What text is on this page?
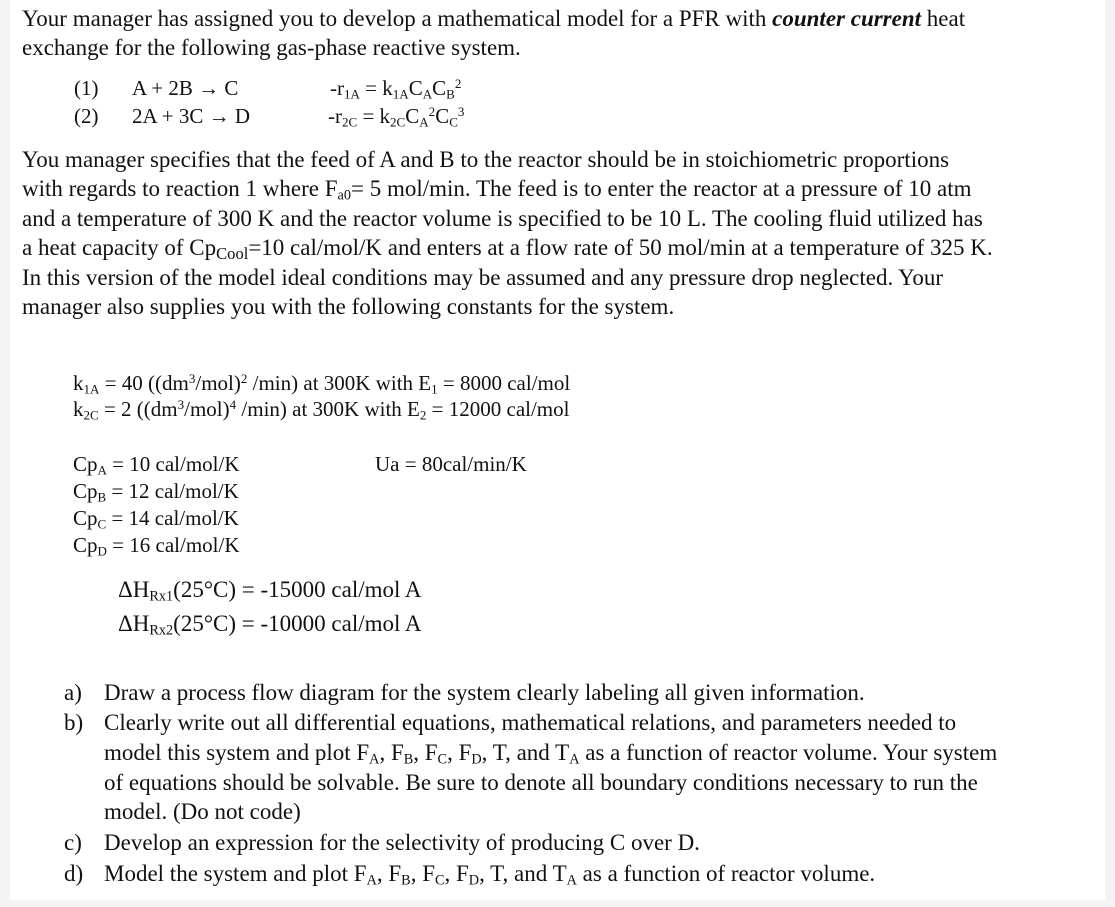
Your manager has assigned you to develop a mathematical model for a PFR with counter current heat
exchange for the following gas-phase reactive system.
(1) A + 2B → C	$-r_{1A} = k_{1A}C_AC_B^2$
(2) 2A + 3C → D	$-r_{2C} = k_{2C}C_A^2C_C^3$
You manager specifies that the feed of A and B to the reactor should be in stoichiometric proportions
with regards to reaction 1 where $F_{a0}= 5$ mol/min. The feed is to enter the reactor at a pressure of 10 atm
and a temperature of 300 K and the reactor volume is specified to be 10 L. The cooling fluid utilized has
a heat capacity of $Cp_{Cool}=10$ cal/mol/K and enters at a flow rate of 50 mol/min at a temperature of 325 K.
In this version of the model ideal conditions may be assumed and any pressure drop neglected. Your
manager also supplies you with the following constants for the system.
$k_{1A} = 40$ ($(dm^3/mol)^2$ /min) at 300K with $E_1 = 8000$ cal/mol
$k_{2C} = 2$ ($(dm^3/mol)^4$ /min) at 300K with $E_2 = 12000$ cal/mol
$Cp_A = 10$ cal/mol/K
$Cp_B = 12$ cal/mol/K
$Cp_C = 14$ cal/mol/K
$Cp_D = 16$ cal/mol/K
Ua = 80cal/min/K
$\Delta H_{Rx1}(25^\circ C) = -15000$ cal/mol A
$\Delta H_{Rx2}(25^\circ C) = -10000$ cal/mol A
a) Draw a process flow diagram for the system clearly labeling all given information.
b) Clearly write out all differential equations, mathematical relations, and parameters needed to
model this system and plot $F_A$, $F_B$, $F_C$, $F_D$, T, and $T_A$ as a function of reactor volume. Your system
of equations should be solvable. Be sure to denote all boundary conditions necessary to run the
model. (Do not code)
c) Develop an expression for the selectivity of producing C over D.
d) Model the system and plot $F_A$, $F_B$, $F_C$, $F_D$, T, and $T_A$ as a function of reactor volume.
